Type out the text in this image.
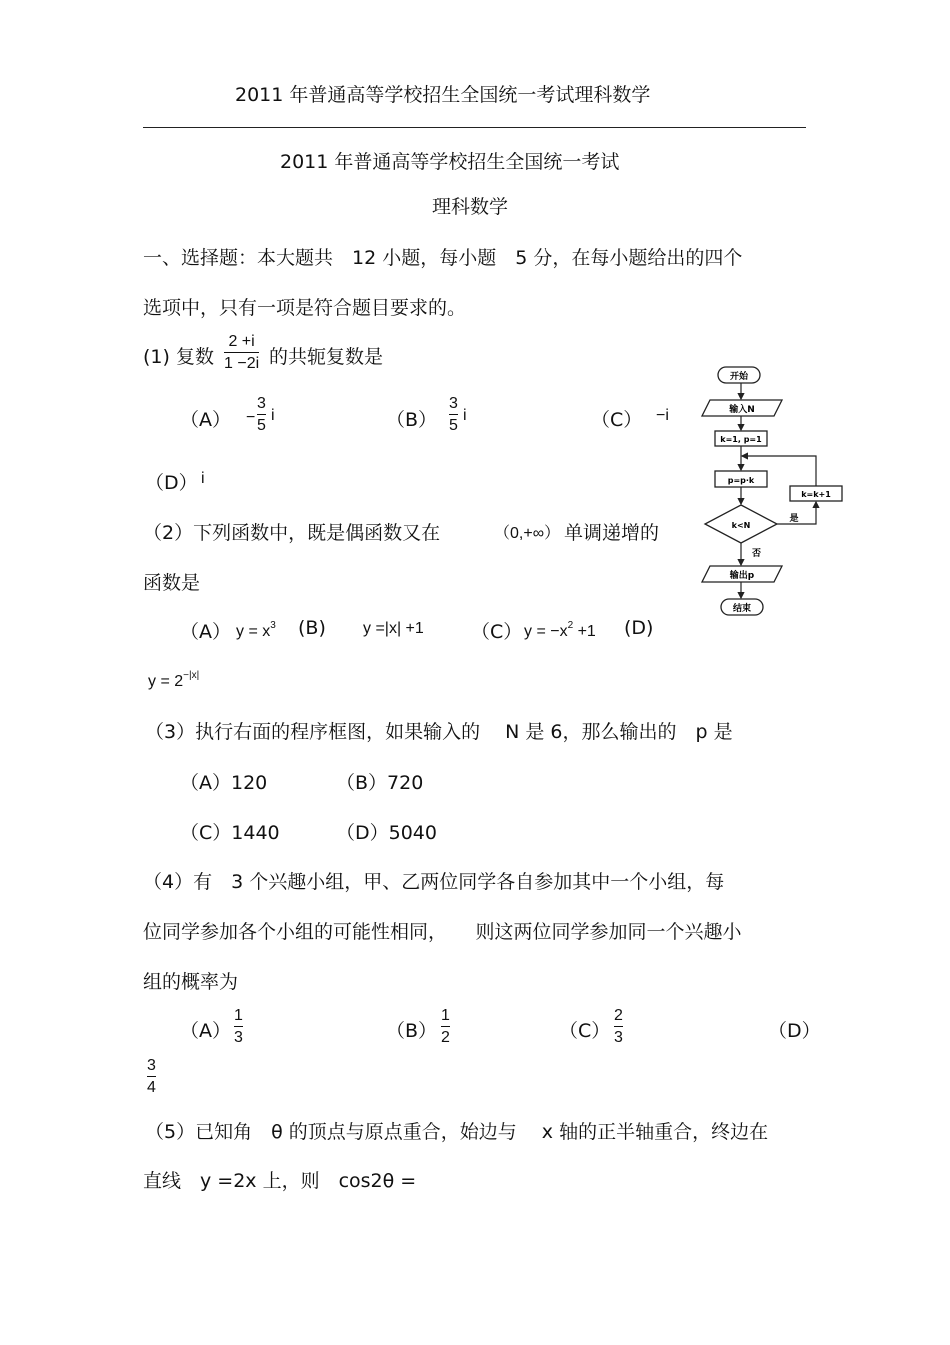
2011 年普通高等学校招生全国统一考试理科数学
2011 年普通高等学校招生全国统一考试
理科数学
一、选择题：本大题共　12 小题，每小题　5 分，在每小题给出的四个
选项中，只有一项是符合题目要求的。
(1) 复数
2 +i
1 −2i 的共轭复数是
（A） −
3
5
i	（B）
3
5
i	（C） −i
（D） i
（2）下列函数中，既是偶函数又在	（0,+∞） 单调递增的
函数是
（A） $y = x^3$ (B) y =|x| +1 （C） $y = -x^2 +1$ (D)
$y = 2^{-|x|}$
（3）执行右面的程序框图，如果输入的　 N 是 6，那么输出的　p 是
（A）120	（B）720
（C）1440	（D）5040
（4）有　3 个兴趣小组，甲、乙两位同学各自参加其中一个小组，每
位同学参加各个小组的可能性相同，　　则这两位同学参加同一个兴趣小
组的概率为
（A）
1
3	（B）
1
2	（C）
2
3	（D）
3
4
（5）已知角　θ 的顶点与原点重合，始边与　 x 轴的正半轴重合，终边在
直线　y =2x 上，则　cos2θ =
开始
输入N
k=1, p=1
p=p·k
k<N
k=k+1
是
否
输出p
结束
